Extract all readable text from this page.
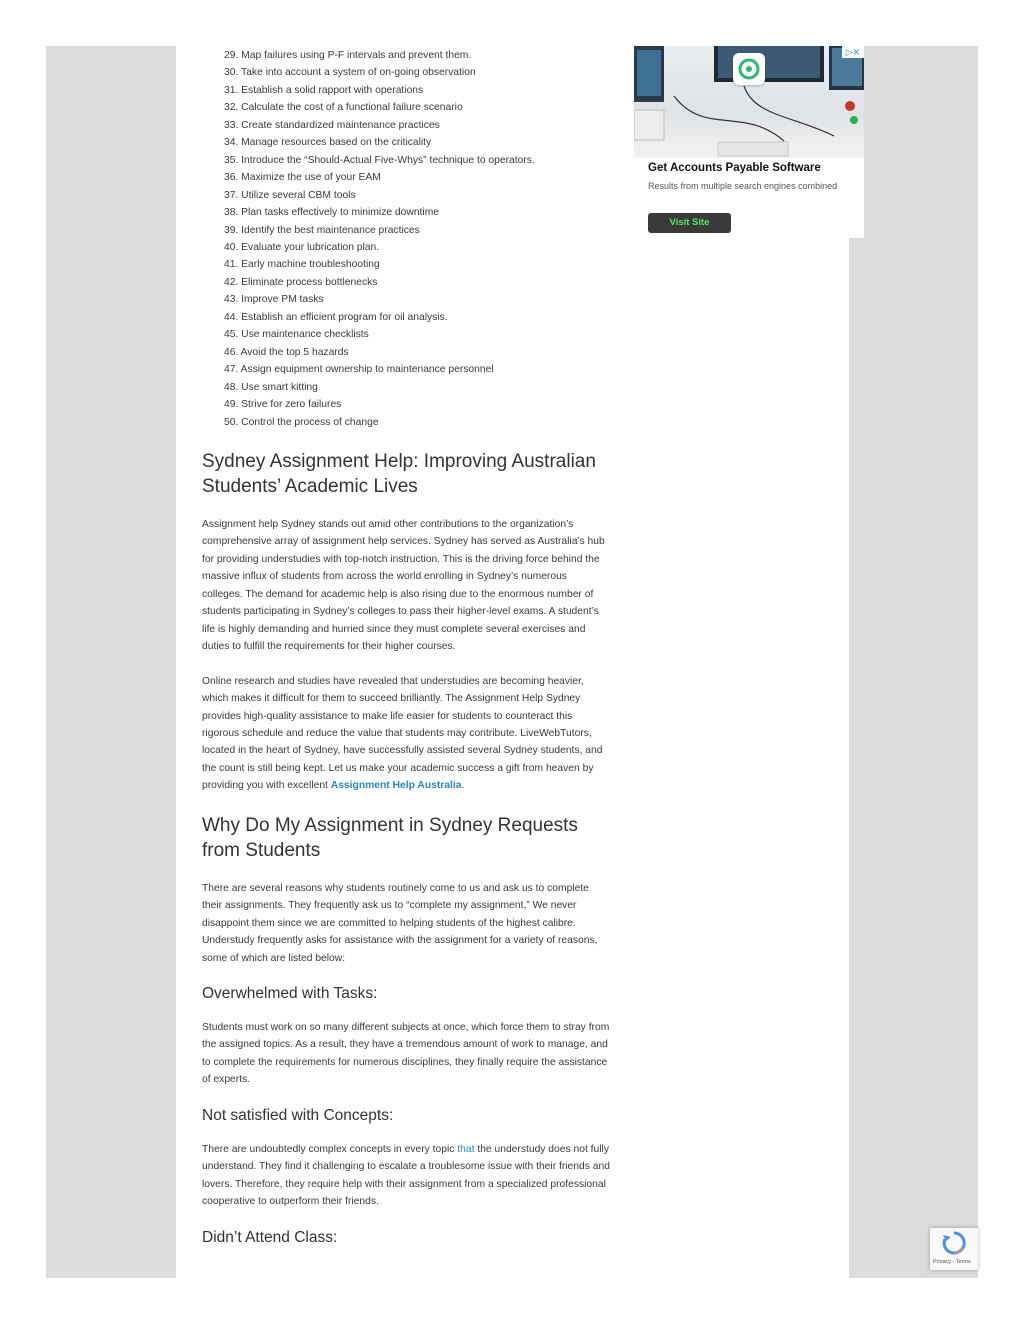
29. Map failures using P-F intervals and prevent them.
30. Take into account a system of on-going observation
31. Establish a solid rapport with operations
32. Calculate the cost of a functional failure scenario
33. Create standardized maintenance practices
34. Manage resources based on the criticality
35. Introduce the “Should-Actual Five-Whys” technique to operators.
36. Maximize the use of your EAM
37. Utilize several CBM tools
38. Plan tasks effectively to minimize downtime
39. Identify the best maintenance practices
40. Evaluate your lubrication plan.
41. Early machine troubleshooting
42. Eliminate process bottlenecks
43. Improve PM tasks
44. Establish an efficient program for oil analysis.
45. Use maintenance checklists
46. Avoid the top 5 hazards
47. Assign equipment ownership to maintenance personnel
48. Use smart kitting
49. Strive for zero failures
50. Control the process of change
Sydney Assignment Help: Improving Australian Students’ Academic Lives

Assignment help Sydney stands out amid other contributions to the organization’s comprehensive array of assignment help services. Sydney has served as Australia’s hub for providing understudies with top-notch instruction. This is the driving force behind the massive influx of students from across the world enrolling in Sydney’s numerous colleges. The demand for academic help is also rising due to the enormous number of students participating in Sydney’s colleges to pass their higher-level exams. A student’s life is highly demanding and hurried since they must complete several exercises and duties to fulfill the requirements for their higher courses.

Online research and studies have revealed that understudies are becoming heavier, which makes it difficult for them to succeed brilliantly. The Assignment Help Sydney provides high-quality assistance to make life easier for students to counteract this rigorous schedule and reduce the value that students may contribute. LiveWebTutors, located in the heart of Sydney, have successfully assisted several Sydney students, and the count is still being kept. Let us make your academic success a gift from heaven by providing you with excellent Assignment Help Australia.

Why Do My Assignment in Sydney Requests from Students

There are several reasons why students routinely come to us and ask us to complete their assignments. They frequently ask us to “complete my assignment,” We never disappoint them since we are committed to helping students of the highest calibre. Understudy frequently asks for assistance with the assignment for a variety of reasons, some of which are listed below:

Overwhelmed with Tasks:

Students must work on so many different subjects at once, which force them to stray from the assigned topics. As a result, they have a tremendous amount of work to manage, and to complete the requirements for numerous disciplines, they finally require the assistance of experts.

Not satisfied with Concepts:

There are undoubtedly complex concepts in every topic that the understudy does not fully understand. They find it challenging to escalate a troublesome issue with their friends and lovers. Therefore, they require help with their assignment from a specialized professional cooperative to outperform their friends.

Didn’t Attend Class:
▷✕
Get Accounts Payable Software
Results from multiple search engines combined
Visit Site
Privacy - Terms
